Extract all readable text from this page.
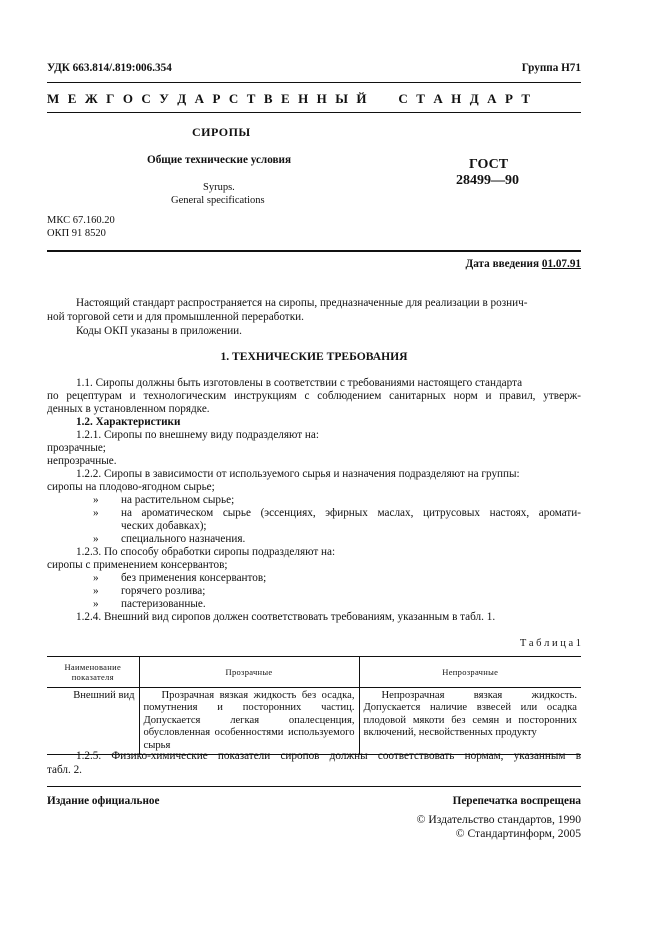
УДК 663.814/.819:006.354	Группа Н71
М Е Ж Г О С У Д А Р С Т В Е Н Н Ы Й     С Т А Н Д А Р Т
СИРОПЫ
Общие технические условия
Syrups.
General specifications
ГОСТ
28499—90
МКС 67.160.20
ОКП 91 8520
Дата введения 01.07.91
Настоящий стандарт распространяется на сиропы, предназначенные для реализации в рознич-
ной торговой сети и для промышленной переработки.
Коды ОКП указаны в приложении.
1. ТЕХНИЧЕСКИЕ ТРЕБОВАНИЯ
1.1. Сиропы должны быть изготовлены в соответствии с требованиями настоящего стандарта
по рецептурам и технологическим инструкциям с соблюдением санитарных норм и правил, утверж-
денных в установленном порядке.
1.2. Характеристики
1.2.1. Сиропы по внешнему виду подразделяют на:
прозрачные;
непрозрачные.
1.2.2. Сиропы в зависимости от используемого сырья и назначения подразделяют на группы:
сиропы на плодово-ягодном сырье;
» на растительном сырье;
» на ароматическом сырье (эссенциях, эфирных маслах, цитрусовых настоях, аромати-
ческих добавках);
» специального назначения.
1.2.3. По способу обработки сиропы подразделяют на:
сиропы с применением консервантов;
» без применения консервантов;
» горячего розлива;
» пастеризованные.
1.2.4. Внешний вид сиропов должен соответствовать требованиям, указанным в табл. 1.
Т а б л и ц а 1
Наименование показателя	Прозрачные	Непрозрачные
Внешний вид	Прозрачная вязкая жидкость без осадка, помутнения и посторонних частиц. Допускается легкая опалесценция, обусловленная особенностями используемого сырья	Непрозрачная вязкая жидкость. Допускается наличие взвесей или осадка плодовой мякоти без семян и посторонних включений, несвойственных продукту
1.2.5. Физико-химические показатели сиропов должны соответствовать нормам, указанным в
табл. 2.
Издание официальное	Перепечатка воспрещена
© Издательство стандартов, 1990
© Стандартинформ, 2005
